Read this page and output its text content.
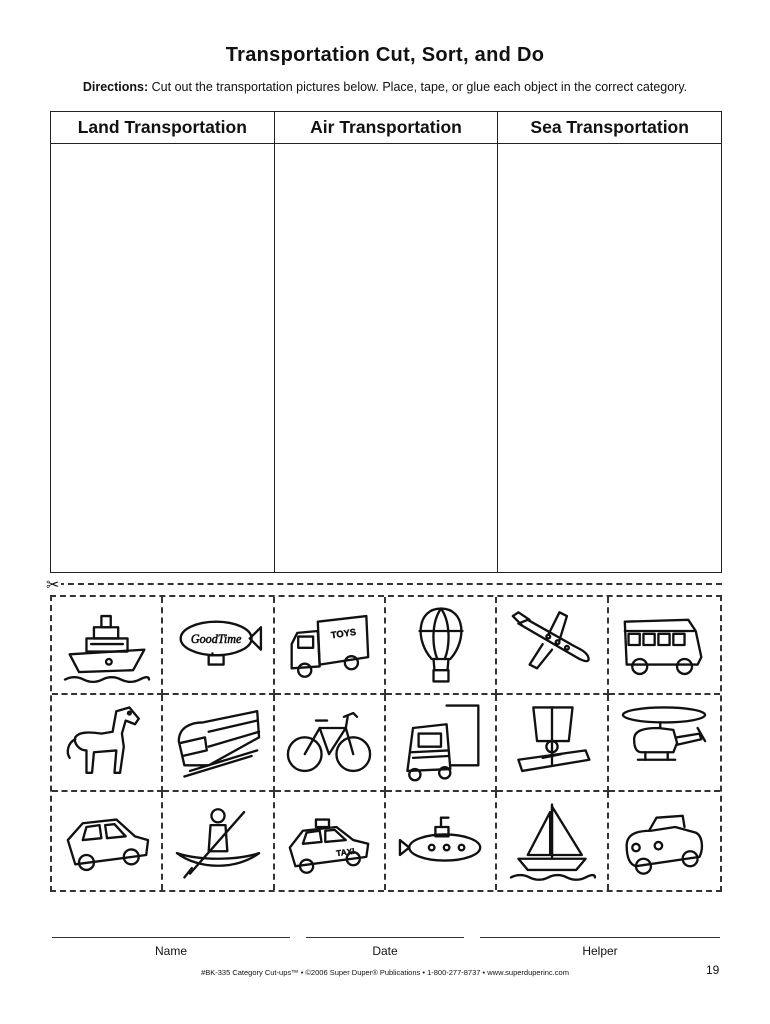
Transportation Cut, Sort, and Do
Directions: Cut out the transportation pictures below. Place, tape, or glue each object in the correct category.
Land Transportation	Air Transportation	Sea Transportation
✂
GoodTime	TOYS
TAXI
Name	Date	Helper
#BK-335 Category Cut-ups™ • ©2006 Super Duper® Publications • 1-800-277-8737 • www.superduperinc.com	19
